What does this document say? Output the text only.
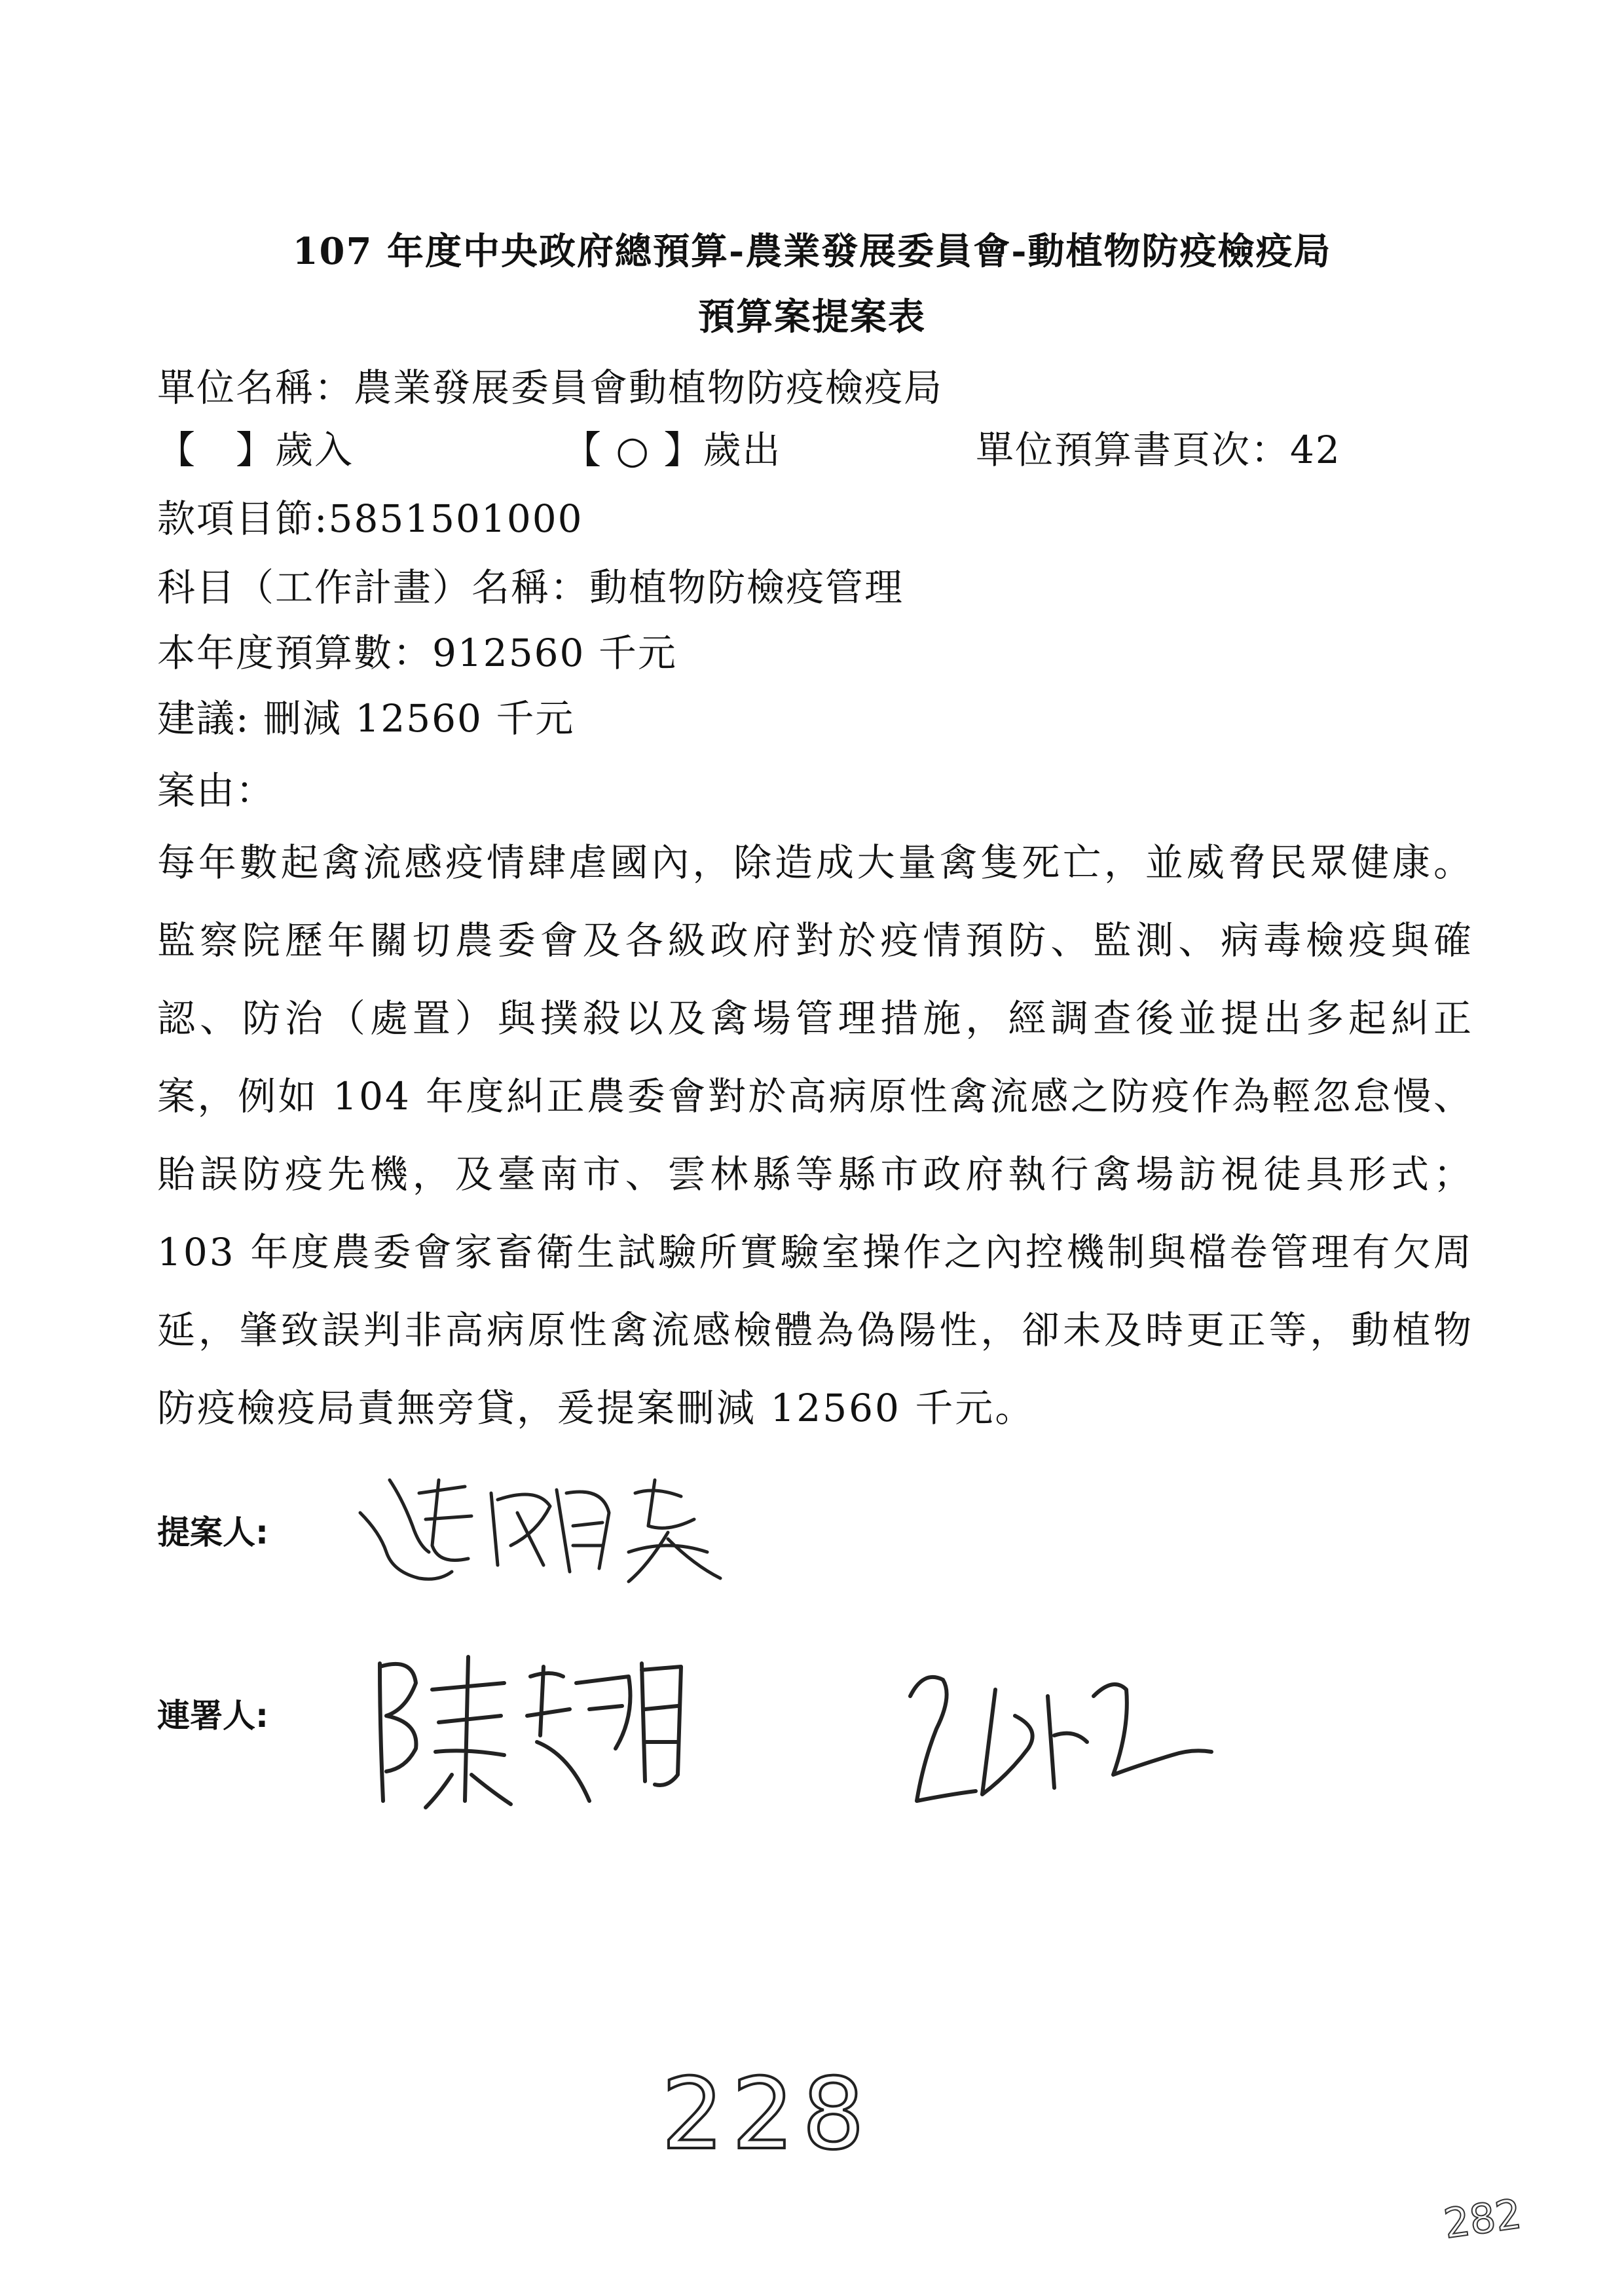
107 年度中央政府總預算-農業發展委員會-動植物防疫檢疫局
預算案提案表
單位名稱：農業發展委員會動植物防疫檢疫局
【　】歲入	【 ○ 】歲出	單位預算書頁次：42
款項目節:5851501000
科目（工作計畫）名稱：動植物防檢疫管理
本年度預算數：912560 千元
建議: 刪減 12560 千元
案由：
每年數起禽流感疫情肆虐國內，除造成大量禽隻死亡，並威脅民眾健康。監察院歷年關切農委會及各級政府對於疫情預防、監測、病毒檢疫與確認、防治（處置）與撲殺以及禽場管理措施，經調查後並提出多起糾正案，例如 104 年度糾正農委會對於高病原性禽流感之防疫作為輕忽怠慢、貽誤防疫先機，及臺南市、雲林縣等縣市政府執行禽場訪視徒具形式；103 年度農委會家畜衛生試驗所實驗室操作之內控機制與檔卷管理有欠周延，肇致誤判非高病原性禽流感檢體為偽陽性，卻未及時更正等，動植物防疫檢疫局責無旁貸，爰提案刪減 12560 千元。
提案人:
連署人:
228
282
